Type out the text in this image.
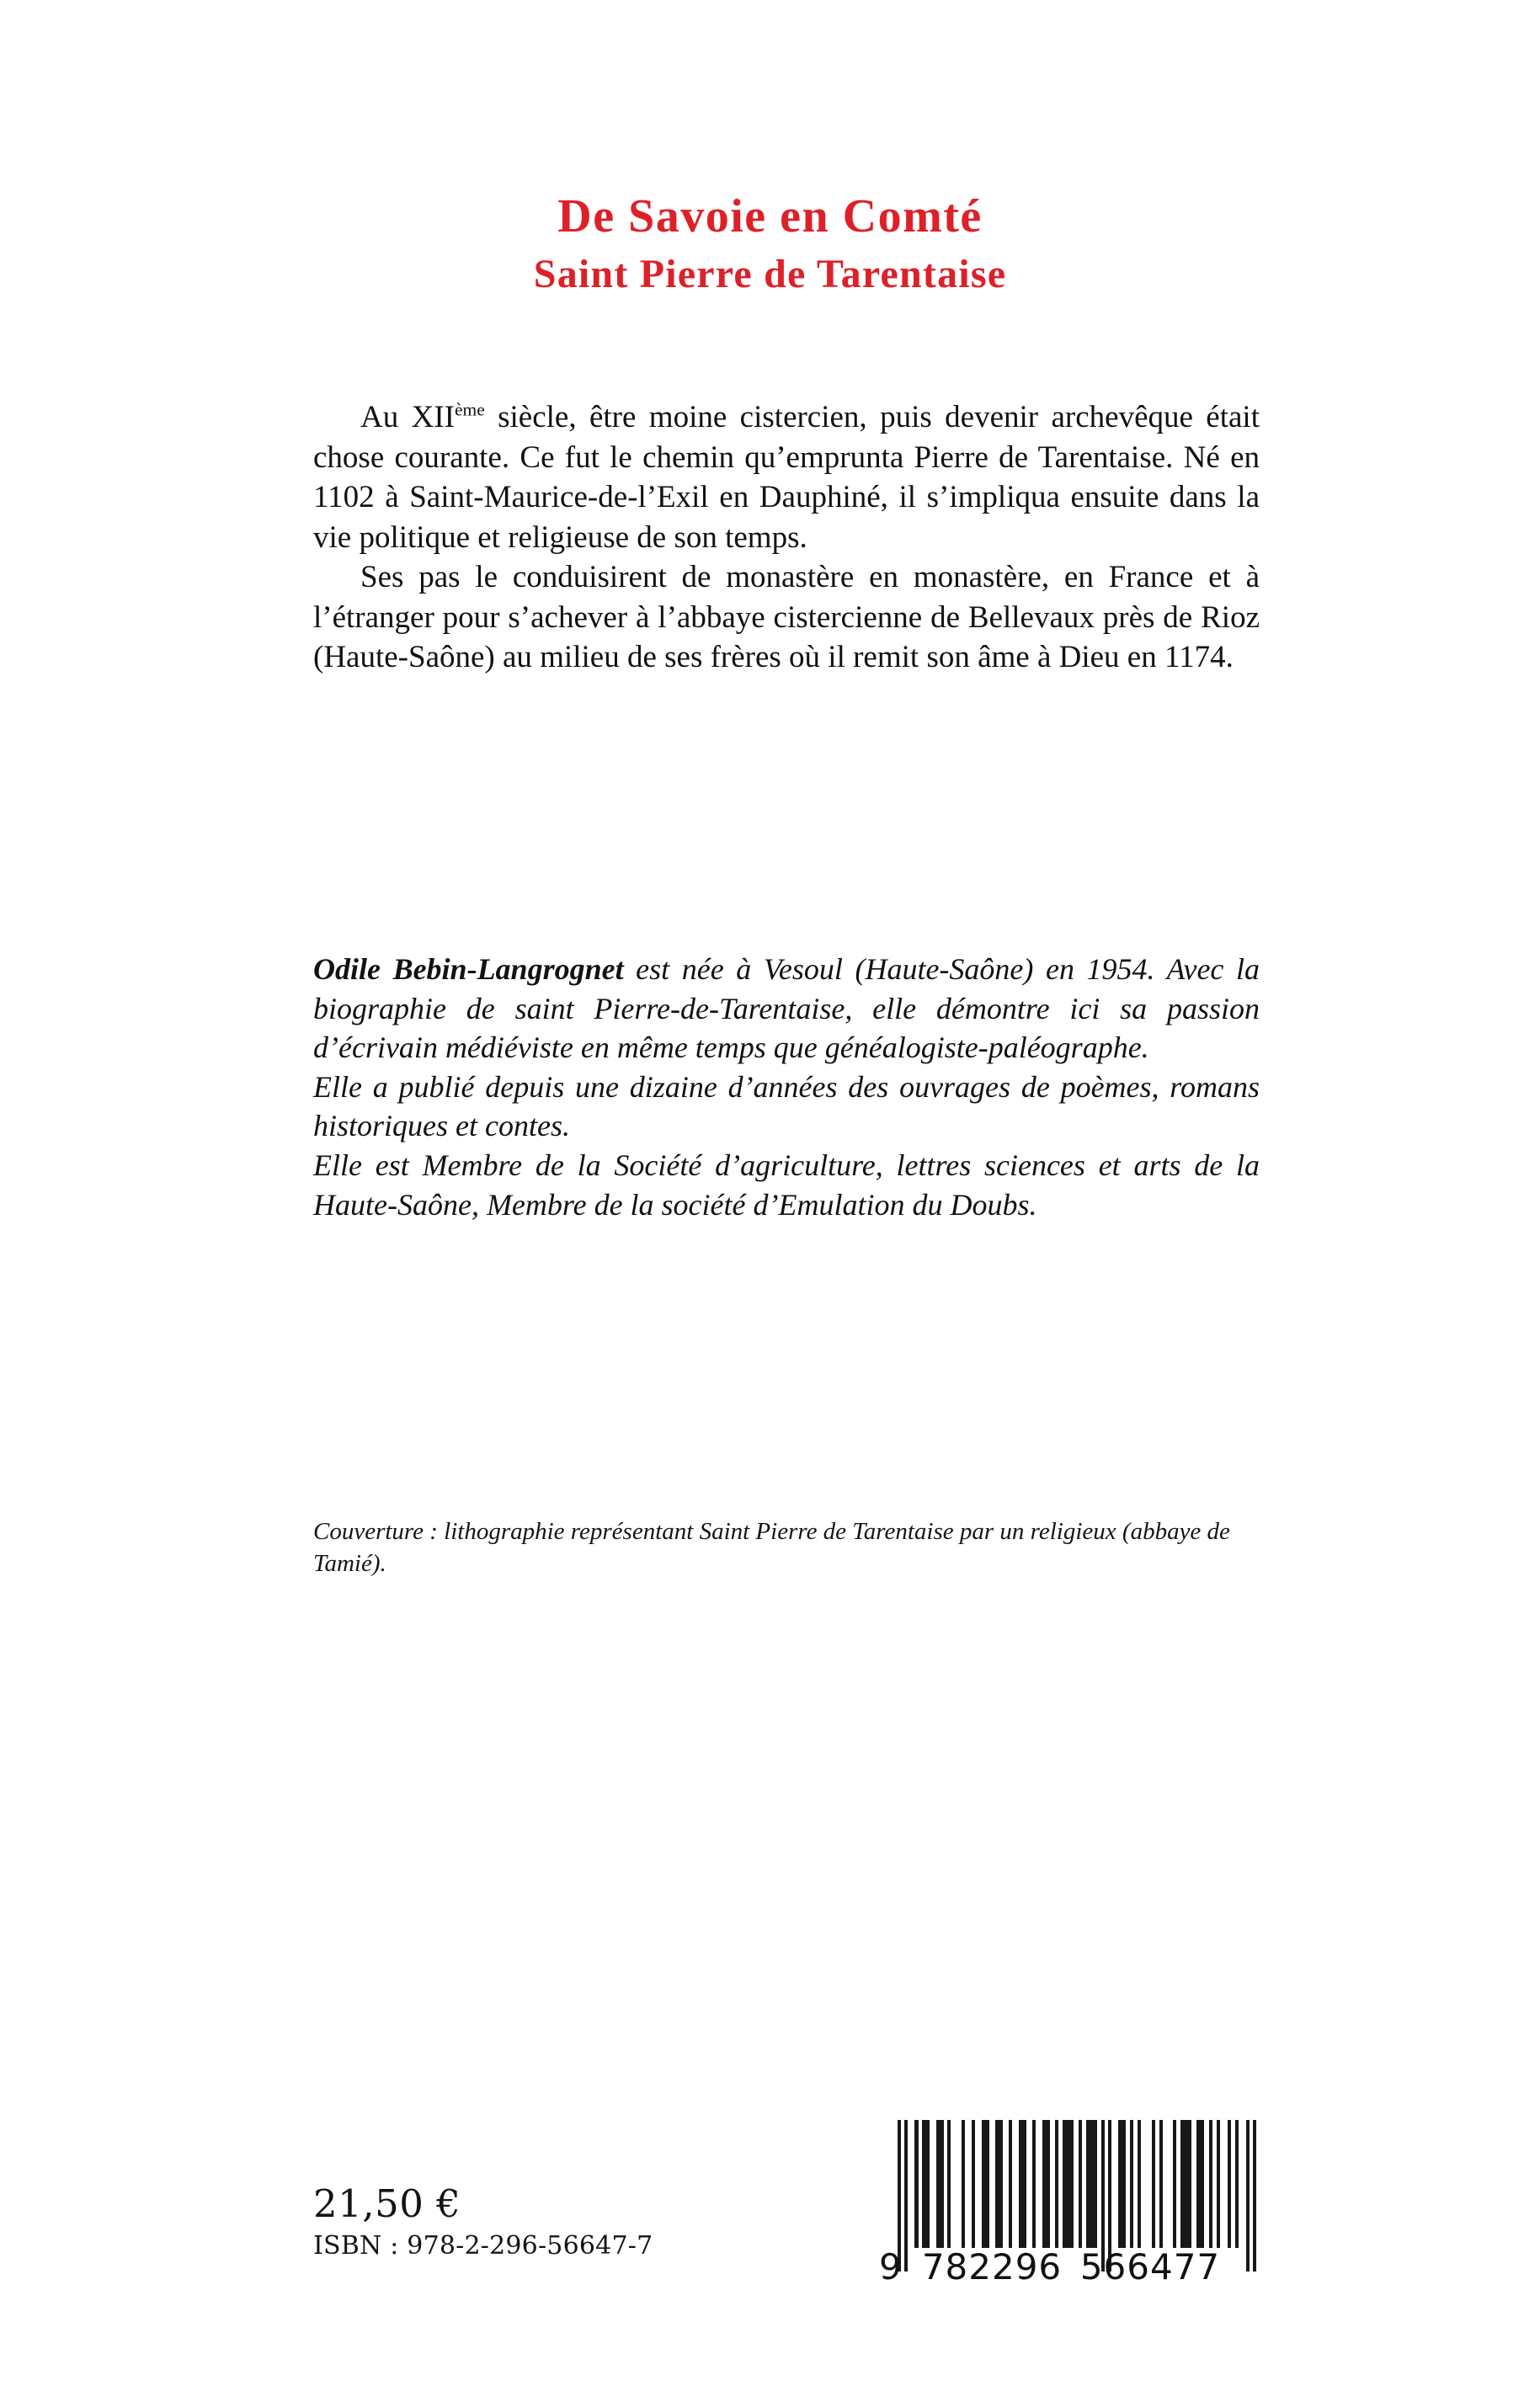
De Savoie en Comté
Saint Pierre de Tarentaise

Au XIIème siècle, être moine cistercien, puis devenir archevêque était chose courante. Ce fut le chemin qu’emprunta Pierre de Tarentaise. Né en 1102 à Saint-Maurice-de-l’Exil en Dauphiné, il s’impliqua ensuite dans la vie politique et religieuse de son temps.

Ses pas le conduisirent de monastère en monastère, en France et à l’étranger pour s’achever à l’abbaye cistercienne de Bellevaux près de Rioz (Haute-Saône) au milieu de ses frères où il remit son âme à Dieu en 1174.

Odile Bebin-Langrognet est née à Vesoul (Haute-Saône) en 1954. Avec la biographie de saint Pierre-de-Tarentaise, elle démontre ici sa passion d’écrivain médiéviste en même temps que généalogiste-paléographe.

Elle a publié depuis une dizaine d’années des ouvrages de poèmes, romans historiques et contes.

Elle est Membre de la Société d’agriculture, lettres sciences et arts de la Haute-Saône, Membre de la société d’Emulation du Doubs.

Couverture : lithographie représentant Saint Pierre de Tarentaise par un religieux (abbaye de Tamié).

21,50 €
ISBN : 978-2-296-56647-7
9 782296 566477
